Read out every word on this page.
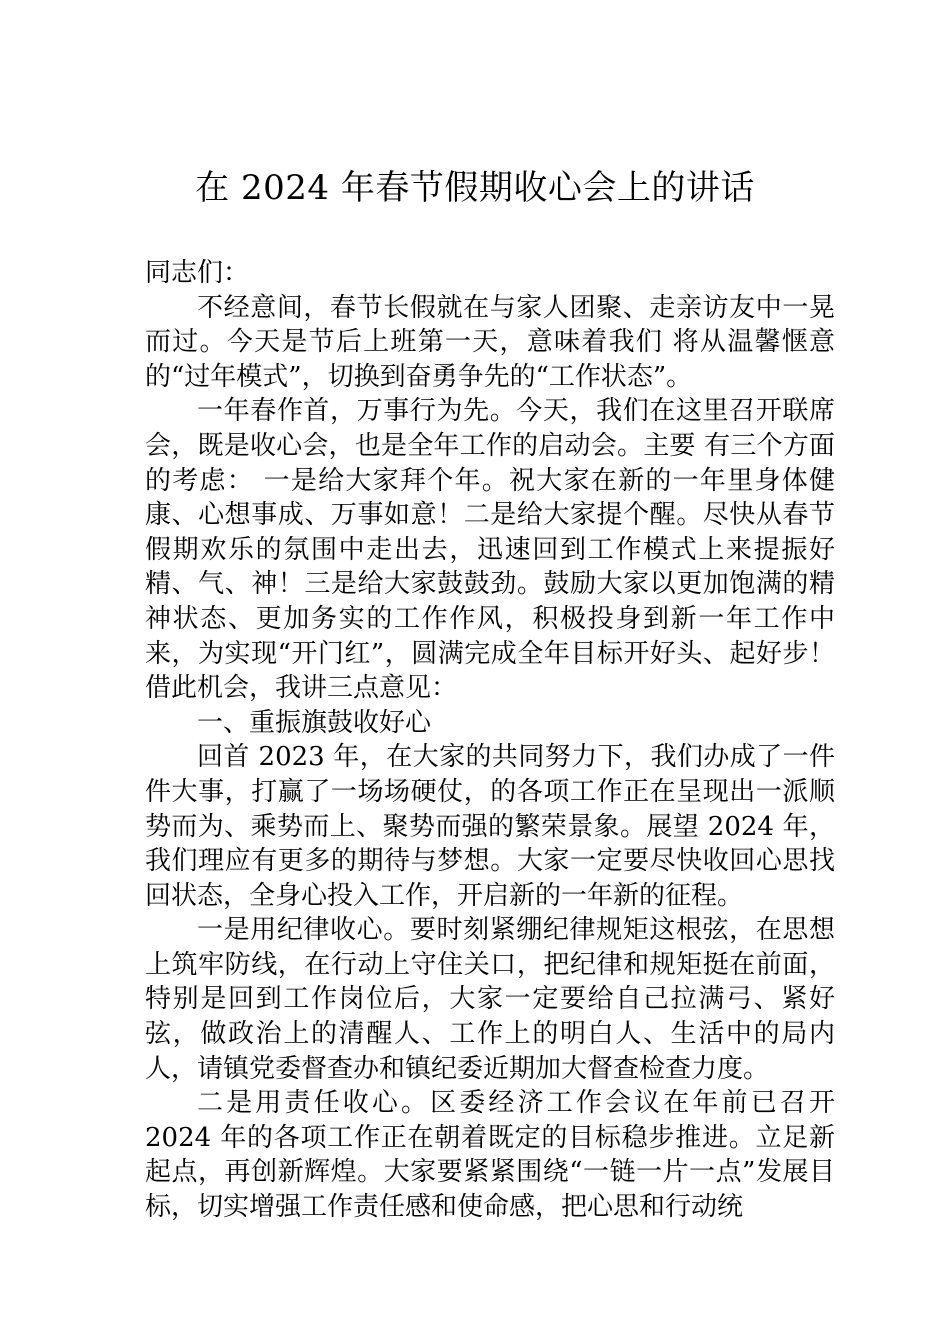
在 2024 年春节假期收心会上的讲话

同志们：

不经意间，春节长假就在与家人团聚、走亲访友中一晃而过。今天是节后上班第一天，意味着我们 将从温馨惬意的“过年模式”，切换到奋勇争先的“工作状态”。

一年春作首，万事行为先。今天，我们在这里召开联席会，既是收心会，也是全年工作的启动会。主要 有三个方面的考虑： 一是给大家拜个年。祝大家在新的一年里身体健康、心想事成、万事如意！二是给大家提个醒。尽快从春节假期欢乐的氛围中走出去，迅速回到工作模式上来提振好精、气、神！三是给大家鼓鼓劲。鼓励大家以更加饱满的精神状态、更加务实的工作作风，积极投身到新一年工作中来，为实现“开门红”，圆满完成全年目标开好头、起好步！借此机会，我讲三点意见：

一、重振旗鼓收好心

回首 2023 年，在大家的共同努力下，我们办成了一件件大事，打赢了一场场硬仗，的各项工作正在呈现出一派顺势而为、乘势而上、聚势而强的繁荣景象。展望 2024 年，我们理应有更多的期待与梦想。大家一定要尽快收回心思找回状态，全身心投入工作，开启新的一年新的征程。

一是用纪律收心。要时刻紧绷纪律规矩这根弦，在思想上筑牢防线，在行动上守住关口，把纪律和规矩挺在前面，特别是回到工作岗位后，大家一定要给自己拉满弓、紧好弦，做政治上的清醒人、工作上的明白人、生活中的局内人，请镇党委督查办和镇纪委近期加大督查检查力度。

二是用责任收心。区委经济工作会议在年前已召开 2024 年的各项工作正在朝着既定的目标稳步推进。立足新起点，再创新辉煌。大家要紧紧围绕“一链一片一点”发展目标，切实增强工作责任感和使命感，把心思和行动统
